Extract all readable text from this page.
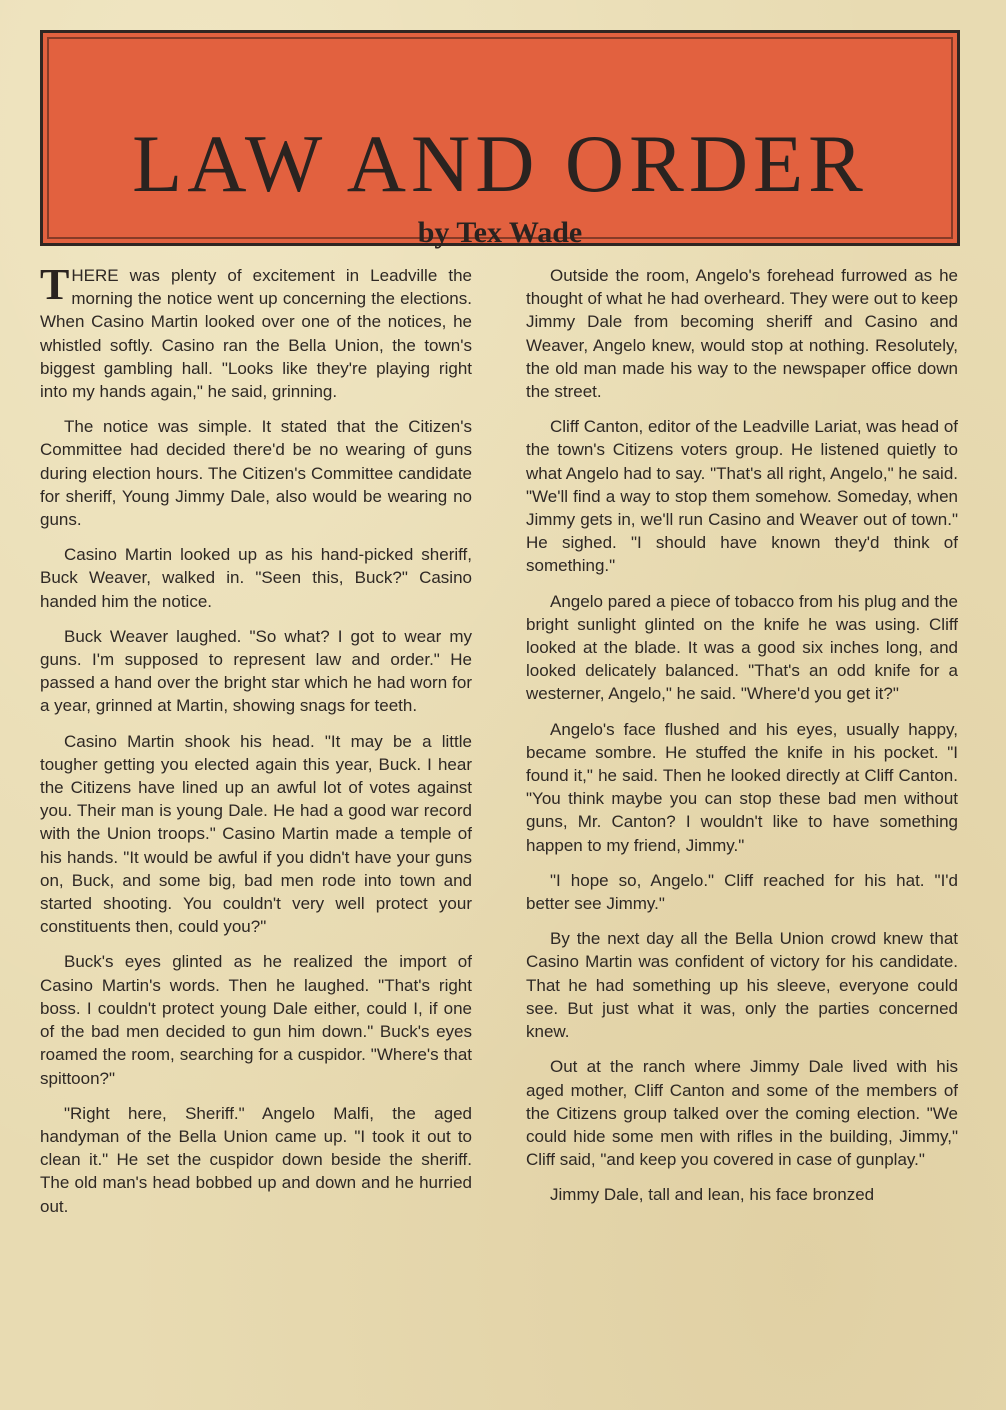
LAW AND ORDER
by Tex Wade

THERE was plenty of excitement in Leadville the morning the notice went up concerning the elections. When Casino Martin looked over one of the notices, he whistled softly. Casino ran the Bella Union, the town's biggest gambling hall. "Looks like they're playing right into my hands again," he said, grinning.

The notice was simple. It stated that the Citizen's Committee had decided there'd be no wearing of guns during election hours. The Citizen's Committee candidate for sheriff, Young Jimmy Dale, also would be wearing no guns.

Casino Martin looked up as his hand-picked sheriff, Buck Weaver, walked in. "Seen this, Buck?" Casino handed him the notice.

Buck Weaver laughed. "So what? I got to wear my guns. I'm supposed to represent law and order." He passed a hand over the bright star which he had worn for a year, grinned at Martin, showing snags for teeth.

Casino Martin shook his head. "It may be a little tougher getting you elected again this year, Buck. I hear the Citizens have lined up an awful lot of votes against you. Their man is young Dale. He had a good war record with the Union troops." Casino Martin made a temple of his hands. "It would be awful if you didn't have your guns on, Buck, and some big, bad men rode into town and started shooting. You couldn't very well protect your constituents then, could you?"

Buck's eyes glinted as he realized the import of Casino Martin's words. Then he laughed. "That's right boss. I couldn't protect young Dale either, could I, if one of the bad men decided to gun him down." Buck's eyes roamed the room, searching for a cuspidor. "Where's that spittoon?"

"Right here, Sheriff." Angelo Malfi, the aged handyman of the Bella Union came up. "I took it out to clean it." He set the cuspidor down beside the sheriff. The old man's head bobbed up and down and he hurried out.

Outside the room, Angelo's forehead furrowed as he thought of what he had overheard. They were out to keep Jimmy Dale from becoming sheriff and Casino and Weaver, Angelo knew, would stop at nothing. Resolutely, the old man made his way to the newspaper office down the street.

Cliff Canton, editor of the Leadville Lariat, was head of the town's Citizens voters group. He listened quietly to what Angelo had to say. "That's all right, Angelo," he said. "We'll find a way to stop them somehow. Someday, when Jimmy gets in, we'll run Casino and Weaver out of town." He sighed. "I should have known they'd think of something."

Angelo pared a piece of tobacco from his plug and the bright sunlight glinted on the knife he was using. Cliff looked at the blade. It was a good six inches long, and looked delicately balanced. "That's an odd knife for a westerner, Angelo," he said. "Where'd you get it?"

Angelo's face flushed and his eyes, usually happy, became sombre. He stuffed the knife in his pocket. "I found it," he said. Then he looked directly at Cliff Canton. "You think maybe you can stop these bad men without guns, Mr. Canton? I wouldn't like to have something happen to my friend, Jimmy."

"I hope so, Angelo." Cliff reached for his hat. "I'd better see Jimmy."

By the next day all the Bella Union crowd knew that Casino Martin was confident of victory for his candidate. That he had something up his sleeve, everyone could see. But just what it was, only the parties concerned knew.

Out at the ranch where Jimmy Dale lived with his aged mother, Cliff Canton and some of the members of the Citizens group talked over the coming election. "We could hide some men with rifles in the building, Jimmy," Cliff said, "and keep you covered in case of gunplay."

Jimmy Dale, tall and lean, his face bronzed
